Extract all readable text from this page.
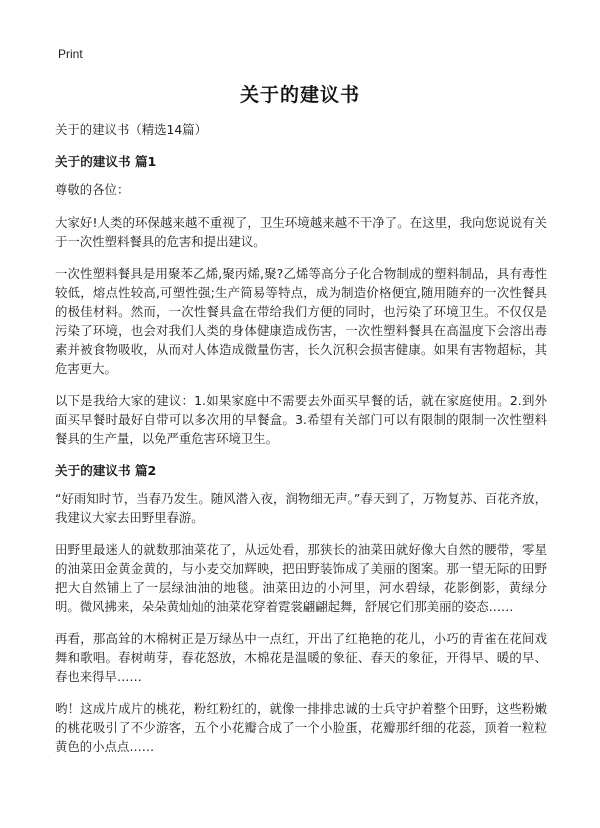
Print
关于的建议书
关于的建议书（精选14篇）
关于的建议书 篇1
尊敬的各位：

大家好!人类的环保越来越不重视了，卫生环境越来越不干净了。在这里，我向您说说有关于一次性塑料餐具的危害和提出建议。

一次性塑料餐具是用聚苯乙烯,聚丙烯,聚?乙烯等高分子化合物制成的塑料制品，具有毒性较低，熔点性较高,可塑性强;生产简易等特点，成为制造价格便宜,随用随弃的一次性餐具的极佳材料。然而，一次性餐具盒在带给我们方便的同时，也污染了环境卫生。不仅仅是污染了环境，也会对我们人类的身体健康造成伤害，一次性塑料餐具在高温度下会溶出毒素并被食物吸收，从而对人体造成微量伤害，长久沉积会损害健康。如果有害物超标，其危害更大。

以下是我给大家的建议：1.如果家庭中不需要去外面买早餐的话，就在家庭使用。2.到外面买早餐时最好自带可以多次用的早餐盒。3.希望有关部门可以有限制的限制一次性塑料餐具的生产量，以免严重危害环境卫生。

关于的建议书 篇2

“好雨知时节，当春乃发生。随风潜入夜，润物细无声。”春天到了，万物复苏、百花齐放，我建议大家去田野里春游。

田野里最迷人的就数那油菜花了，从远处看，那狭长的油菜田就好像大自然的腰带，零星的油菜田金黄金黄的，与小麦交加辉映，把田野装饰成了美丽的图案。那一望无际的田野把大自然铺上了一层绿油油的地毯。油菜田边的小河里，河水碧绿，花影倒影，黄绿分明。微风拂来，朵朵黄灿灿的油菜花穿着霓裳翩翩起舞，舒展它们那美丽的姿态……

再看，那高耸的木棉树正是万绿丛中一点红，开出了红艳艳的花儿，小巧的青雀在花间戏舞和歌唱。春树萌芽，春花怒放，木棉花是温暖的象征、春天的象征，开得早、暖的早、春也来得早……

哟！这成片成片的桃花，粉红粉红的，就像一排排忠诚的士兵守护着整个田野，这些粉嫩的桃花吸引了不少游客，五个小花瓣合成了一个小脸蛋，花瓣那纤细的花蕊，顶着一粒粒黄色的小点点……
